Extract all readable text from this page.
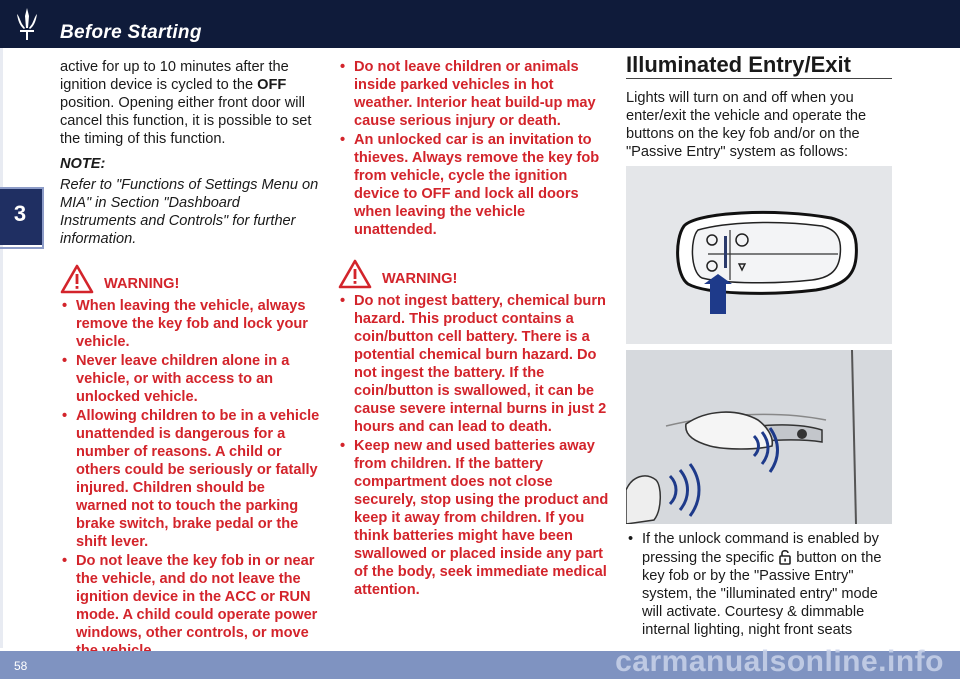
Before Starting
3

active for up to 10 minutes after the ignition device is cycled to the OFF position. Opening either front door will cancel this function, it is possible to set the timing of this function.

NOTE:

Refer to "Functions of Settings Menu on MIA" in Section "Dashboard Instruments and Controls" for further information.

WARNING!
• When leaving the vehicle, always remove the key fob and lock your vehicle.
• Never leave children alone in a vehicle, or with access to an unlocked vehicle.
• Allowing children to be in a vehicle unattended is dangerous for a number of reasons. A child or others could be seriously or fatally injured. Children should be warned not to touch the parking brake switch, brake pedal or the shift lever.
• Do not leave the key fob in or near the vehicle, and do not leave the ignition device in the ACC or RUN mode. A child could operate power windows, other controls, or move
• Do not leave children or animals inside parked vehicles in hot weather. Interior heat build-up may cause serious injury or death.
• An unlocked car is an invitation to thieves. Always remove the key fob from vehicle, cycle the ignition device to OFF and lock all doors when leaving the vehicle unattended.
WARNING!
• Do not ingest battery, chemical burn hazard. This product contains a coin/button cell battery. There is a potential chemical burn hazard. Do not ingest the battery. If the coin/button is swallowed, it can be cause severe internal burns in just 2 hours and can lead to death.
• Keep new and used batteries away from children. If the battery compartment does not close securely, stop using the product and keep it away from children. If you think batteries might have been swallowed or placed inside any part of the body, seek immediate medical attention.
Illuminated Entry/Exit

Lights will turn on and off when you enter/exit the vehicle and operate the buttons on the key fob and/or on the "Passive Entry" system as follows:

• If the unlock command is enabled by pressing the specific button on the key fob or by the "Passive Entry" system, the "illuminated entry" mode will activate. Courtesy & dimmable internal lighting, night front seats
58	carmanualsonline.info
